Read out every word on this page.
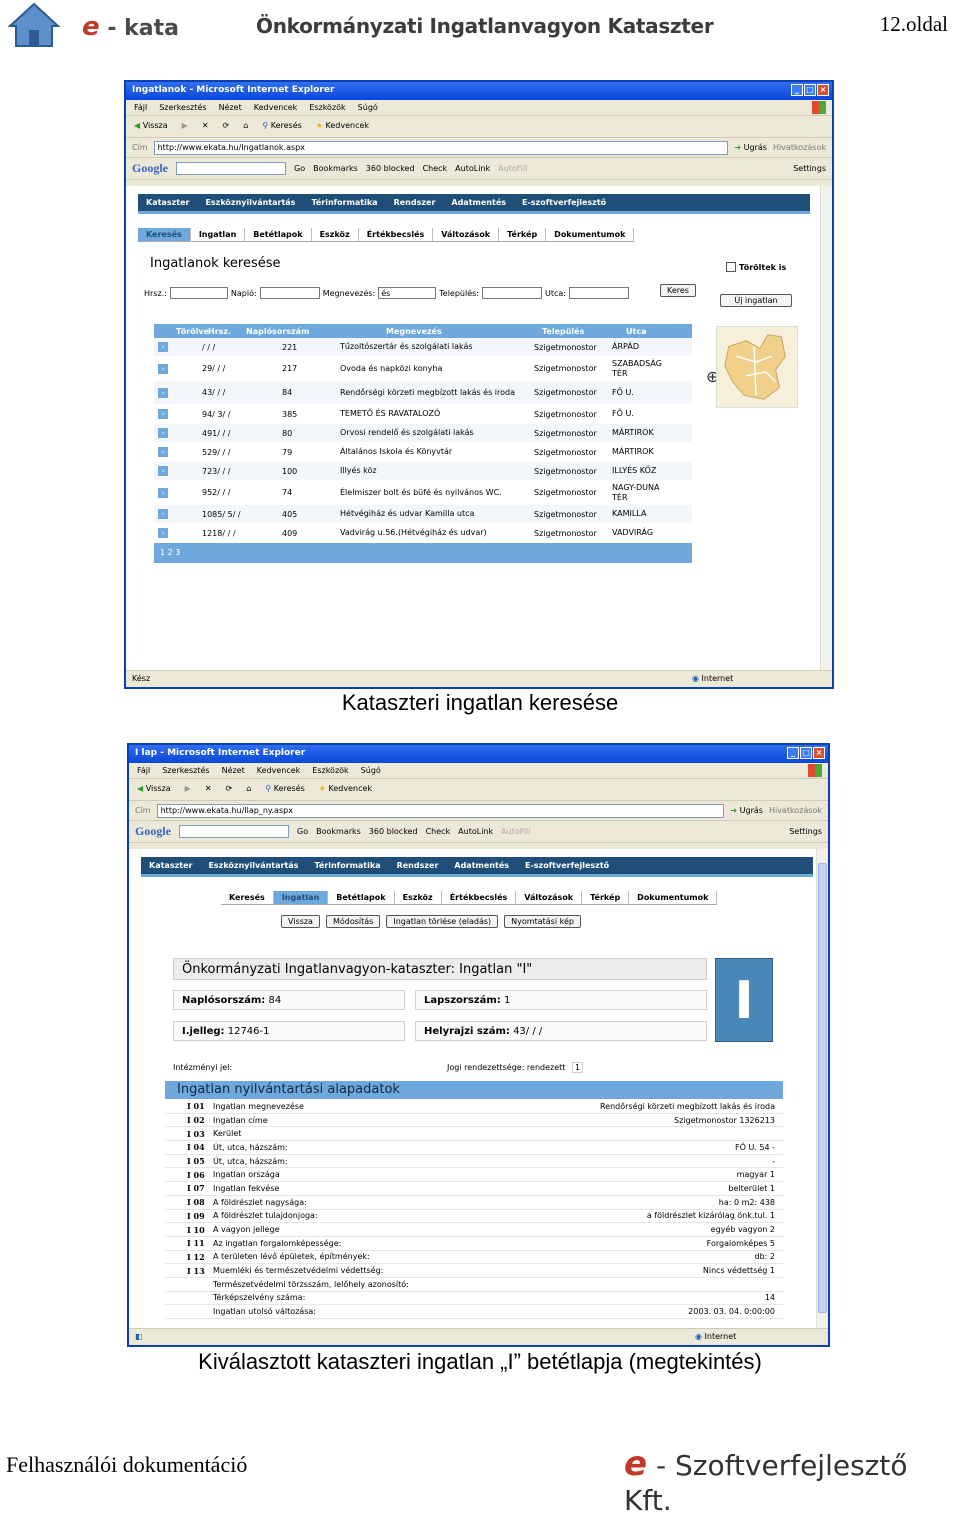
e - kata	Önkormányzati Ingatlanvagyon Kataszter	12.oldal
Ingatlanok - Microsoft Internet Explorer	_ □ ×
Fájl Szerkesztés Nézet Kedvencek Eszközök Súgó
◀ Vissza ▶ ✕ ⟳ ⌂	⚲ Keresés	★ Kedvencek
Cím	http://www.ekata.hu/Ingatlanok.aspx	➜ Ugrás Hivatkozások
Google	Go Bookmarks 360 blocked Check AutoLink AutoFill	Settings
Kataszter Eszköznyilvántartás Térinformatika Rendszer Adatmentés E-szoftverfejlesztő
Keresés	Ingatlan	Betétlapok	Eszköz	Értékbecslés	Változások	Térkép	Dokumentumok
Ingatlanok keresése	Töröltek is
Hrsz.:	Napló:	Megnevezés:
és	Település:	Utca:	Keres
Új ingatlan
Törölve
Hrsz.	Naplósorszám	Megnevezés	Település	Utca
›	/ / /	221	Tűzoltószertár és szolgálati lakás	Szigetmonostor	ÁRPÁD
›	29/ / /	217	Ovoda és napközi konyha	Szigetmonostor
SZABADSÁG TÉR
›	43/ / /	84	Rendőrségi körzeti megbízott lakás és iroda	Szigetmonostor	FŐ U.
›	94/ 3/ /	385	TEMETŐ ÉS RAVATALOZÓ	Szigetmonostor	FŐ U.
›	491/ / /	80	Orvosi rendelő és szolgálati lakás	Szigetmonostor	MÁRTIROK
›	529/ / /	79	Általános Iskola és Könyvtár	Szigetmonostor	MÁRTIROK
›	723/ / /	100	Illyés köz	Szigetmonostor	ILLYÉS KÖZ
›	952/ / /	74	Élelmiszer bolt és büfé és nyilvános WC.	Szigetmonostor
NAGY-DUNA TÉR
›	1085/ 5/ /	405	Hétvégiház és udvar Kamilla utca	Szigetmonostor	KAMILLA
›	1218/ / /	409	Vadvirág u.56.(Hétvégiház és udvar)	Szigetmonostor	VADVIRÁG
1 2 3
⊕
Kész	◉ Internet
Kataszteri ingatlan keresése
I lap - Microsoft Internet Explorer	_ □ ×
Fájl Szerkesztés Nézet Kedvencek Eszközök Súgó
◀ Vissza ▶ ✕ ⟳ ⌂	⚲ Keresés	★ Kedvencek
Cím	http://www.ekata.hu/Ilap_ny.aspx	➜ Ugrás Hivatkozások
Google	Go Bookmarks 360 blocked Check AutoLink AutoFill	Settings
Kataszter Eszköznyilvántartás Térinformatika Rendszer Adatmentés E-szoftverfejlesztő
Keresés	Ingatlan	Betétlapok	Eszköz	Értékbecslés	Változások	Térkép	Dokumentumok
Vissza	Módosítás	Ingatlan törlése (eladás)	Nyomtatási kép
Önkormányzati Ingatlanvagyon-kataszter: Ingatlan "I"
Naplósorszám: 84	Lapszorszám: 1
I.jelleg: 12746-1	Helyrajzi szám: 43/ / /
I
Intézményi jel:	Jogi rendezettsége: rendezett 1
Ingatlan nyilvántartási alapadatok
I 01	Ingatlan megnevezése	Rendőrségi körzeti megbízott lakás és iroda
I 02	Ingatlan címe	Szigetmonostor 1326213
I 03	Kerület
I 04	Út, utca, házszám:	FŐ U. 54 -
I 05	Út, utca, házszám:	-
I 06	Ingatlan országa	magyar 1
I 07	Ingatlan fekvése	belterület 1
I 08	A földrészlet nagysága:	ha: 0 m2: 438
I 09	A földrészlet tulajdonjoga:	a földrészlet kizárólag önk.tul. 1
I 10	A vagyon jellege	egyéb vagyon 2
I 11	Az ingatlan forgalomképessége:	Forgalomképes 5
I 12	A területen lévő épületek, építmények:	db: 2
I 13	Muemléki és természetvédelmi védettség:	Nincs védettség 1
Természetvédelmi törzsszám, lelőhely azonosító:
Térképszelvény száma:	14
Ingatlan utolsó változása:	2003. 03. 04. 0:00:00
◧	◉ Internet
Kiválasztott kataszteri ingatlan „I” betétlapja (megtekintés)
Felhasználói dokumentáció	e - Szoftverfejlesztő Kft.
